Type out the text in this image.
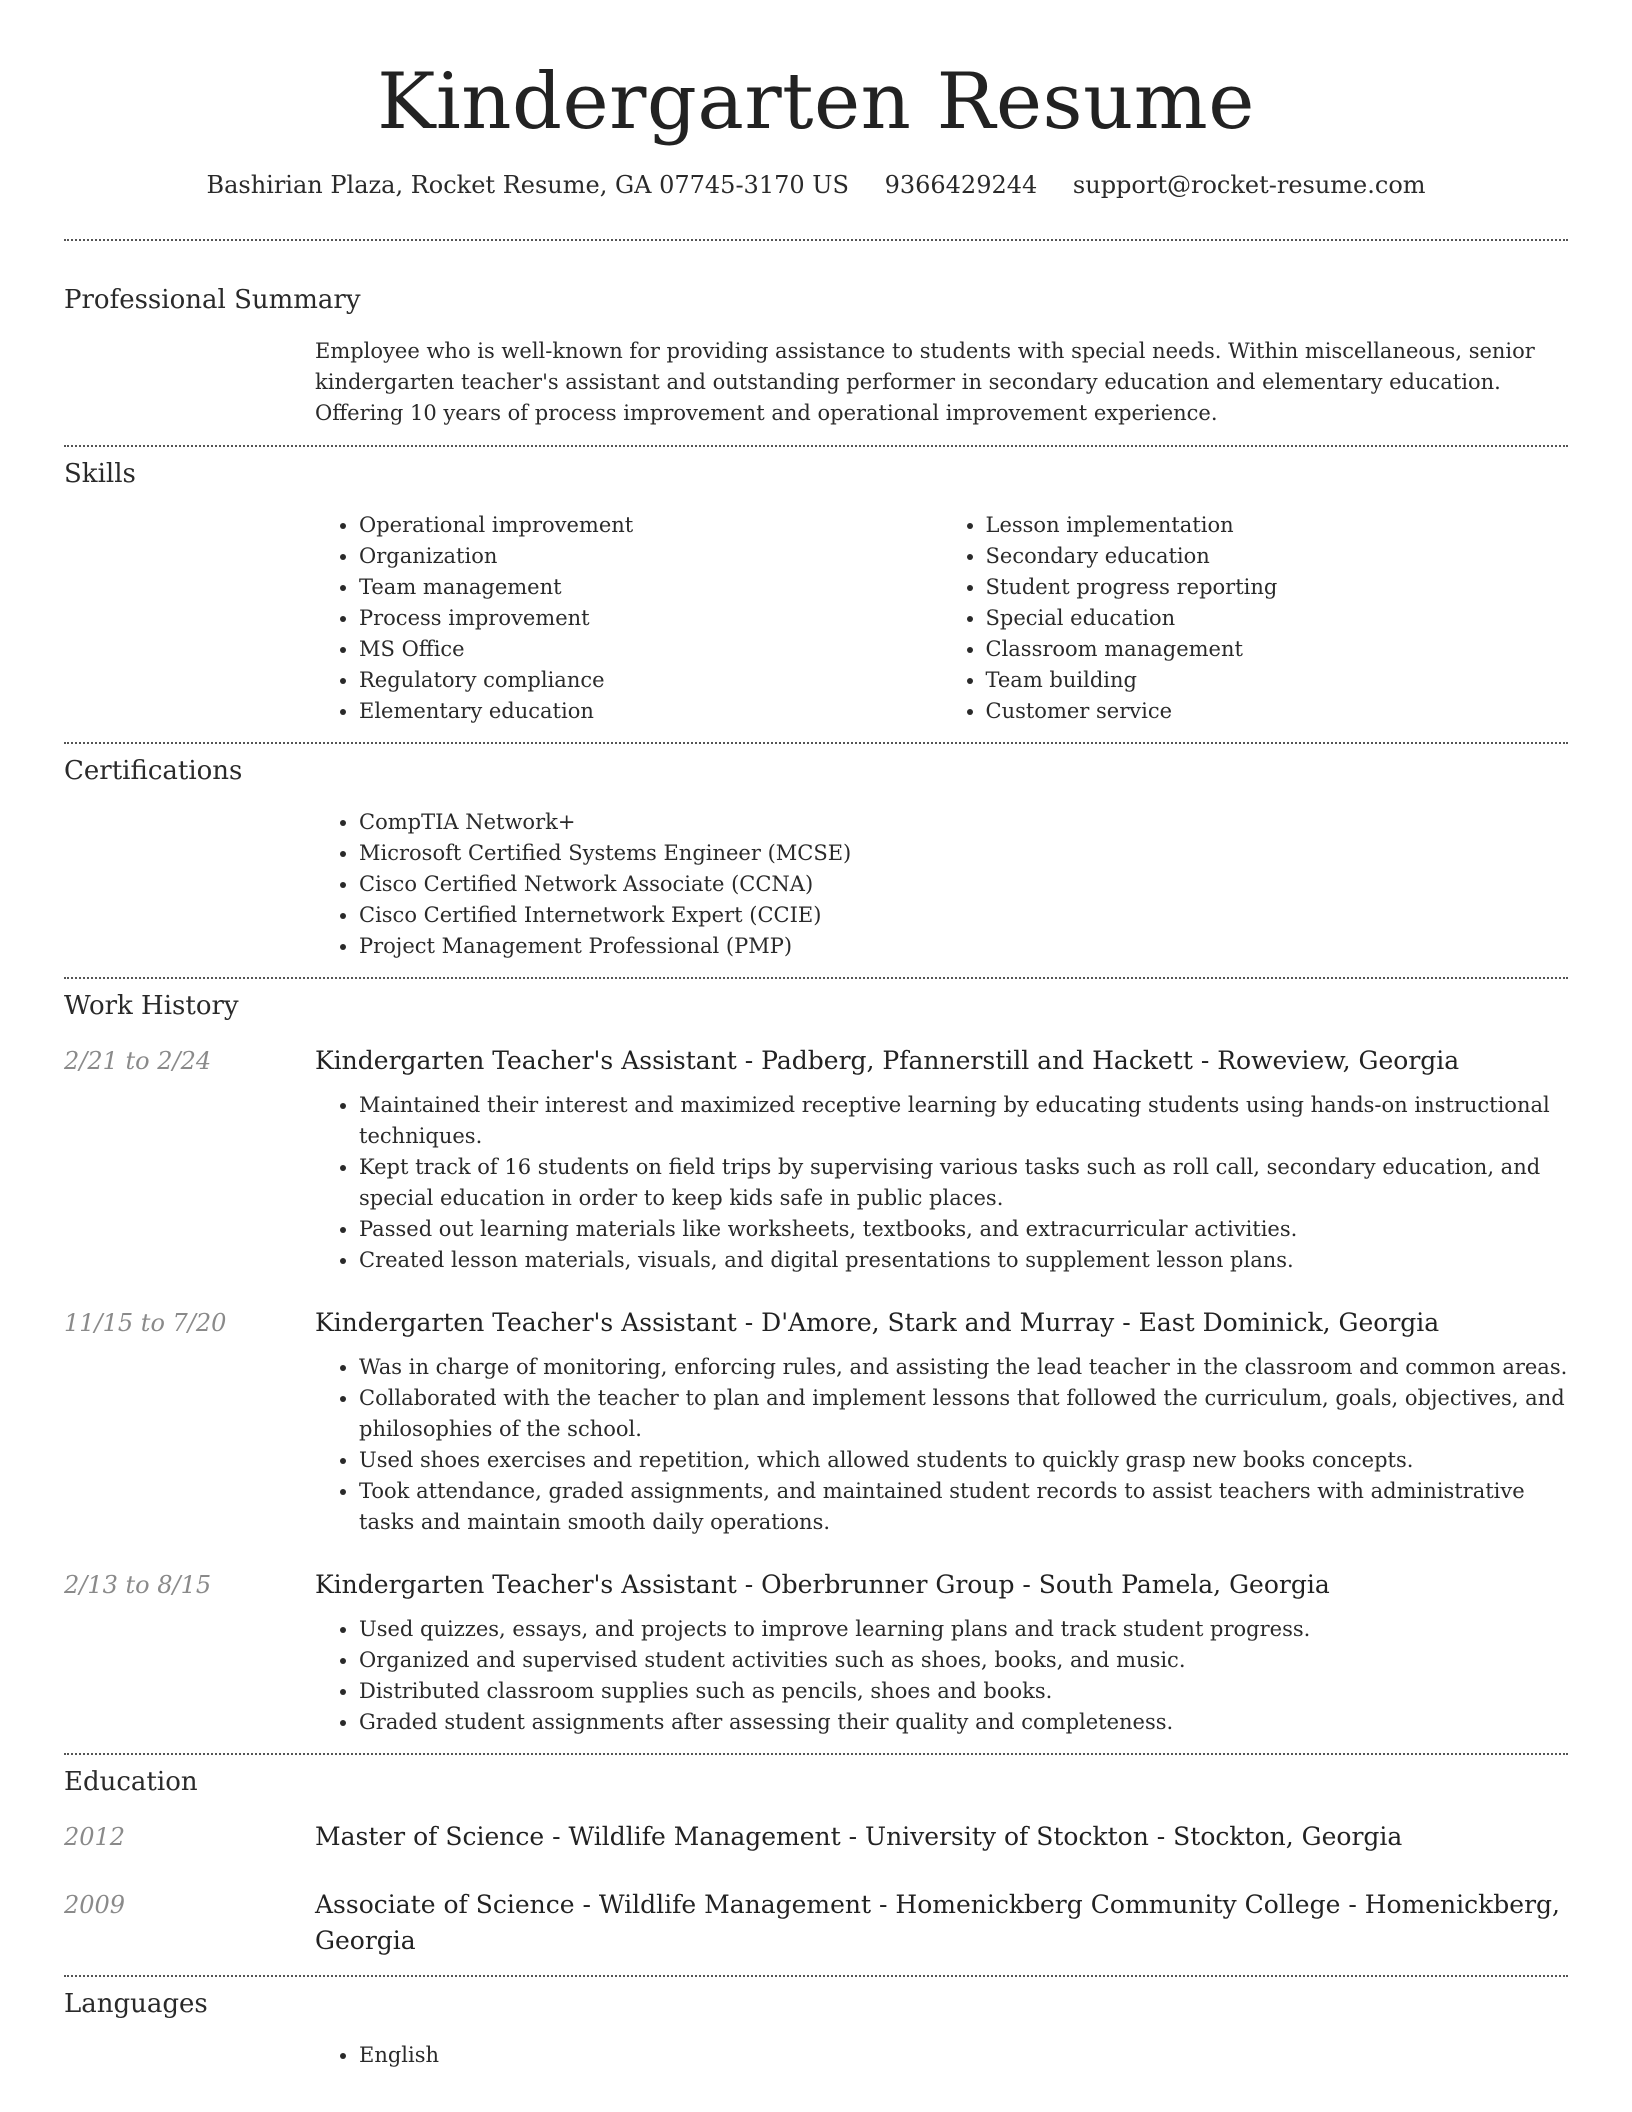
Kindergarten Resume
Bashirian Plaza, Rocket Resume, GA 07745-3170 US 9366429244 support@rocket-resume.com
Professional Summary
Employee who is well-known for providing assistance to students with special needs. Within miscellaneous, senior kindergarten teacher's assistant and outstanding performer in secondary education and elementary education. Offering 10 years of process improvement and operational improvement experience.
Skills
• Operational improvement
• Organization
• Team management
• Process improvement
• MS Office
• Regulatory compliance
• Elementary education
• Lesson implementation
• Secondary education
• Student progress reporting
• Special education
• Classroom management
• Team building
• Customer service
Certifications
• CompTIA Network+
• Microsoft Certified Systems Engineer (MCSE)
• Cisco Certified Network Associate (CCNA)
• Cisco Certified Internetwork Expert (CCIE)
• Project Management Professional (PMP)
Work History
2/21 to 2/24	Kindergarten Teacher's Assistant - Padberg, Pfannerstill and Hackett - Roweview, Georgia
• Maintained their interest and maximized receptive learning by educating students using hands-on instructional techniques.
• Kept track of 16 students on field trips by supervising various tasks such as roll call, secondary education, and special education in order to keep kids safe in public places.
• Passed out learning materials like worksheets, textbooks, and extracurricular activities.
• Created lesson materials, visuals, and digital presentations to supplement lesson plans.
11/15 to 7/20	Kindergarten Teacher's Assistant - D'Amore, Stark and Murray - East Dominick, Georgia
• Was in charge of monitoring, enforcing rules, and assisting the lead teacher in the classroom and common areas.
• Collaborated with the teacher to plan and implement lessons that followed the curriculum, goals, objectives, and philosophies of the school.
• Used shoes exercises and repetition, which allowed students to quickly grasp new books concepts.
• Took attendance, graded assignments, and maintained student records to assist teachers with administrative tasks and maintain smooth daily operations.
2/13 to 8/15	Kindergarten Teacher's Assistant - Oberbrunner Group - South Pamela, Georgia
• Used quizzes, essays, and projects to improve learning plans and track student progress.
• Organized and supervised student activities such as shoes, books, and music.
• Distributed classroom supplies such as pencils, shoes and books.
• Graded student assignments after assessing their quality and completeness.
Education
2012	Master of Science - Wildlife Management - University of Stockton - Stockton, Georgia
2009	Associate of Science - Wildlife Management - Homenickberg Community College - Homenickberg, Georgia
Languages
• English
